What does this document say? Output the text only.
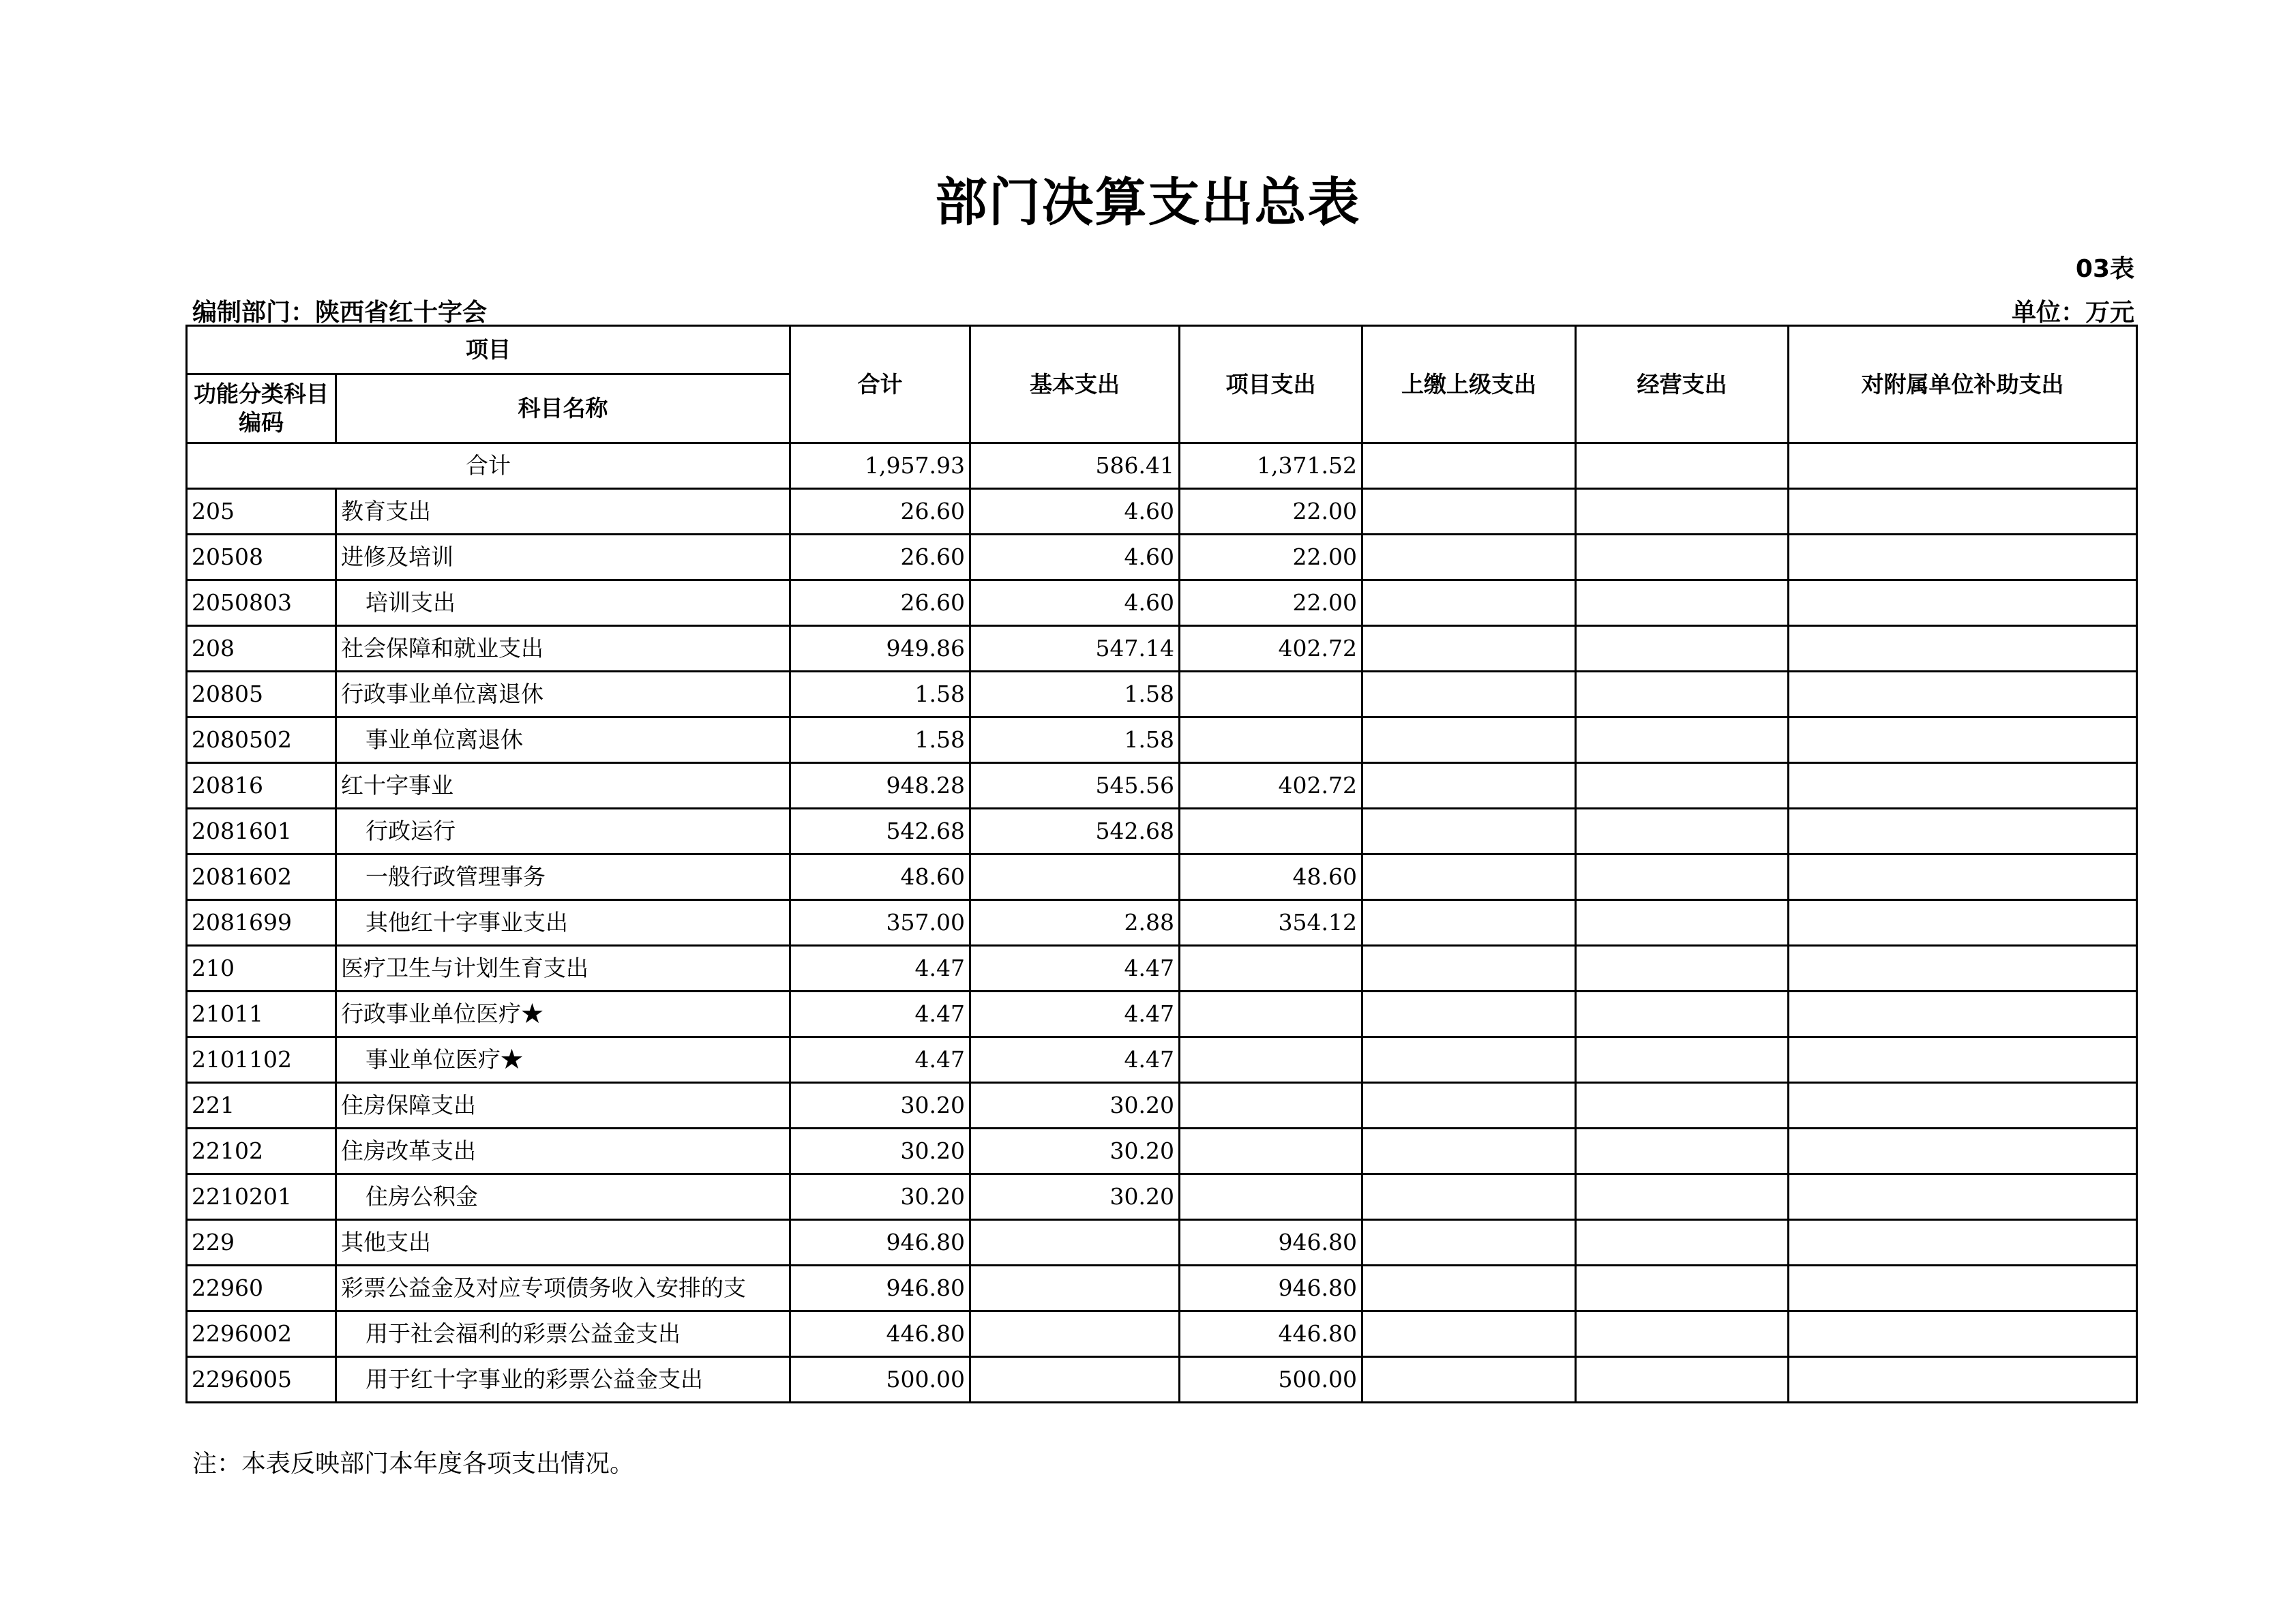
部门决算支出总表
03表
编制部门：陕西省红十字会	单位：万元
项目		合计	基本支出	项目支出	上缴上级支出	经营支出	对附属单位补助支出
功能分类科目编码	科目名称						
合计		1,957.93	586.41	1,371.52			
205	教育支出	26.60	4.60	22.00			
20508	进修及培训	26.60	4.60	22.00			
2050803	培训支出	26.60	4.60	22.00			
208	社会保障和就业支出	949.86	547.14	402.72			
20805	行政事业单位离退休	1.58	1.58				
2080502	事业单位离退休	1.58	1.58				
20816	红十字事业	948.28	545.56	402.72			
2081601	行政运行	542.68	542.68				
2081602	一般行政管理事务	48.60		48.60			
2081699	其他红十字事业支出	357.00	2.88	354.12			
210	医疗卫生与计划生育支出	4.47	4.47				
21011	行政事业单位医疗★	4.47	4.47				
2101102	事业单位医疗★	4.47	4.47				
221	住房保障支出	30.20	30.20				
22102	住房改革支出	30.20	30.20				
2210201	住房公积金	30.20	30.20				
229	其他支出	946.80		946.80			
22960	彩票公益金及对应专项债务收入安排的支	946.80		946.80			
2296002	用于社会福利的彩票公益金支出	446.80		446.80			
2296005	用于红十字事业的彩票公益金支出	500.00		500.00			
注：本表反映部门本年度各项支出情况。
